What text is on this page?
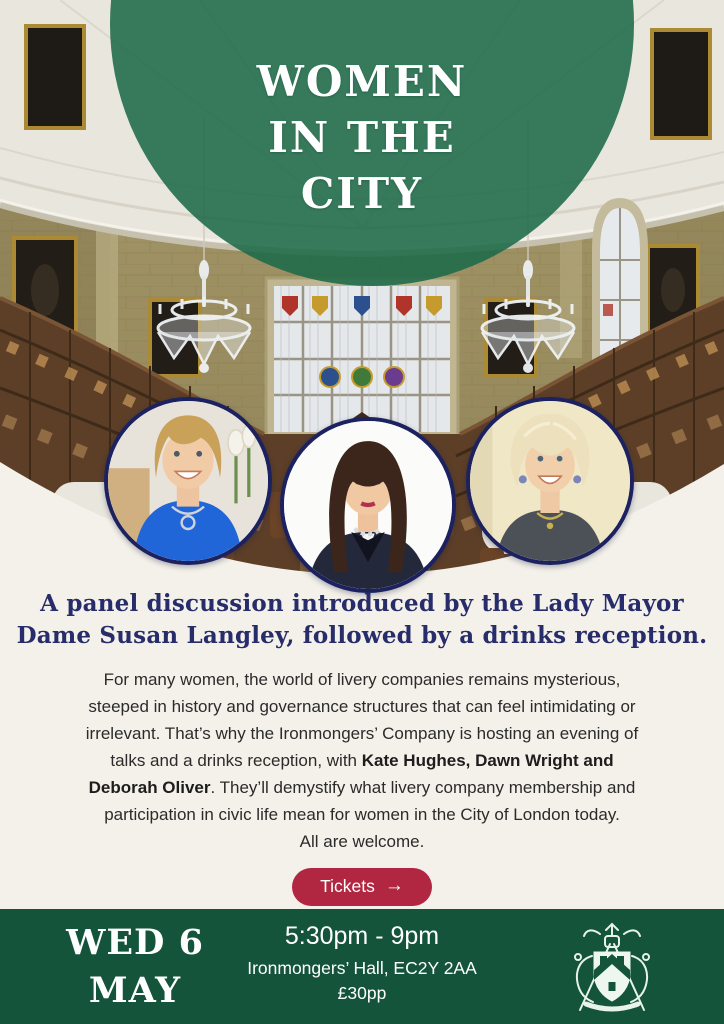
WOMEN
IN THE
CITY
A panel discussion introduced by the Lady Mayor
Dame Susan Langley, followed by a drinks reception.

For many women, the world of livery companies remains mysterious, steeped in history and governance structures that can feel intimidating or irrelevant. That’s why the Ironmongers’ Company is hosting an evening of talks and a drinks reception, with Kate Hughes, Dawn Wright and Deborah Oliver. They’ll demystify what livery company membership and participation in civic life mean for women in the City of London today.
All are welcome.

Tickets →
WED 6
MAY
5:30pm - 9pm
Ironmongers’ Hall, EC2Y 2AA
£30pp
